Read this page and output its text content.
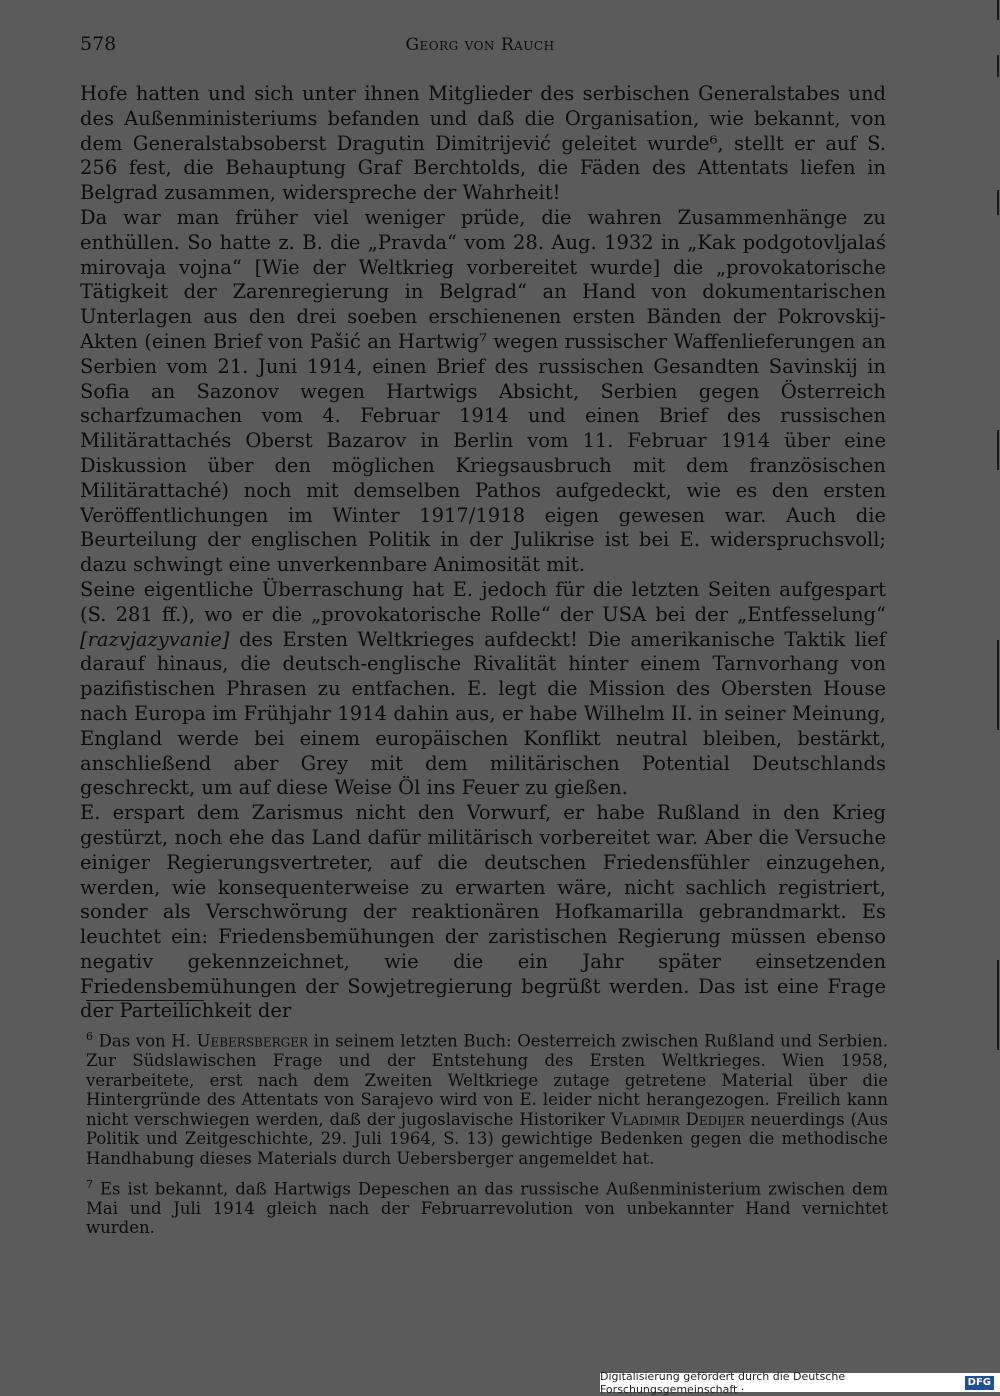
578	Georg von Rauch

Hofe hatten und sich unter ihnen Mitglieder des serbischen Generalstabes und des Außenministeriums befanden und daß die Organisation, wie bekannt, von dem Generalstabsoberst Dragutin Dimitrijević geleitet wurde⁶, stellt er auf S. 256 fest, die Behauptung Graf Berchtolds, die Fäden des Attentats liefen in Belgrad zusammen, widerspreche der Wahrheit!

Da war man früher viel weniger prüde, die wahren Zusammenhänge zu enthüllen. So hatte z. B. die „Pravda“ vom 28. Aug. 1932 in „Kak podgotovljalaś mirovaja vojna“ [Wie der Weltkrieg vorbereitet wurde] die „provokatorische Tätigkeit der Zarenregierung in Belgrad“ an Hand von dokumentarischen Unterlagen aus den drei soeben erschienenen ersten Bänden der Pokrovskij-Akten (einen Brief von Pašić an Hartwig⁷ wegen russischer Waffenlieferungen an Serbien vom 21. Juni 1914, einen Brief des russischen Gesandten Savinskij in Sofia an Sazonov wegen Hartwigs Absicht, Serbien gegen Österreich scharfzumachen vom 4. Februar 1914 und einen Brief des russischen Militärattachés Oberst Bazarov in Berlin vom 11. Februar 1914 über eine Diskussion über den möglichen Kriegsausbruch mit dem französischen Militärattaché) noch mit demselben Pathos aufgedeckt, wie es den ersten Veröffentlichungen im Winter 1917/1918 eigen gewesen war. Auch die Beurteilung der englischen Politik in der Julikrise ist bei E. widerspruchsvoll; dazu schwingt eine unverkennbare Animosität mit.

Seine eigentliche Überraschung hat E. jedoch für die letzten Seiten aufgespart (S. 281 ff.), wo er die „provokatorische Rolle“ der USA bei der „Entfesselung“ [razvjazyvanie] des Ersten Weltkrieges aufdeckt! Die amerikanische Taktik lief darauf hinaus, die deutsch-englische Rivalität hinter einem Tarnvorhang von pazifistischen Phrasen zu entfachen. E. legt die Mission des Obersten House nach Europa im Frühjahr 1914 dahin aus, er habe Wilhelm II. in seiner Meinung, England werde bei einem europäischen Konflikt neutral bleiben, bestärkt, anschließend aber Grey mit dem militärischen Potential Deutschlands geschreckt, um auf diese Weise Öl ins Feuer zu gießen.

E. erspart dem Zarismus nicht den Vorwurf, er habe Rußland in den Krieg gestürzt, noch ehe das Land dafür militärisch vorbereitet war. Aber die Versuche einiger Regierungsvertreter, auf die deutschen Friedensfühler einzugehen, werden, wie konsequenterweise zu erwarten wäre, nicht sachlich registriert, sonder als Verschwörung der reaktionären Hofkamarilla gebrandmarkt. Es leuchtet ein: Friedensbemühungen der zaristischen Regierung müssen ebenso negativ gekennzeichnet, wie die ein Jahr später einsetzenden Friedensbemühungen der Sowjetregierung begrüßt werden. Das ist eine Frage der Parteilichkeit der

$^6$ Das von H. Uebersberger in seinem letzten Buch: Oesterreich zwischen Rußland und Serbien. Zur Südslawischen Frage und der Entstehung des Ersten Weltkrieges. Wien 1958, verarbeitete, erst nach dem Zweiten Weltkriege zutage getretene Material über die Hintergründe des Attentats von Sarajevo wird von E. leider nicht herangezogen. Freilich kann nicht verschwiegen werden, daß der jugoslavische Historiker Vladimir Dedijer neuerdings (Aus Politik und Zeitgeschichte, 29. Juli 1964, S. 13) gewichtige Bedenken gegen die methodische Handhabung dieses Materials durch Uebersberger angemeldet hat.

$^7$ Es ist bekannt, daß Hartwigs Depeschen an das russische Außenministerium zwischen dem Mai und Juli 1914 gleich nach der Februarrevolution von unbekannter Hand vernichtet wurden.

Digitalisierung gefördert durch die Deutsche Forschungsgemeinschaft ·
DFG
